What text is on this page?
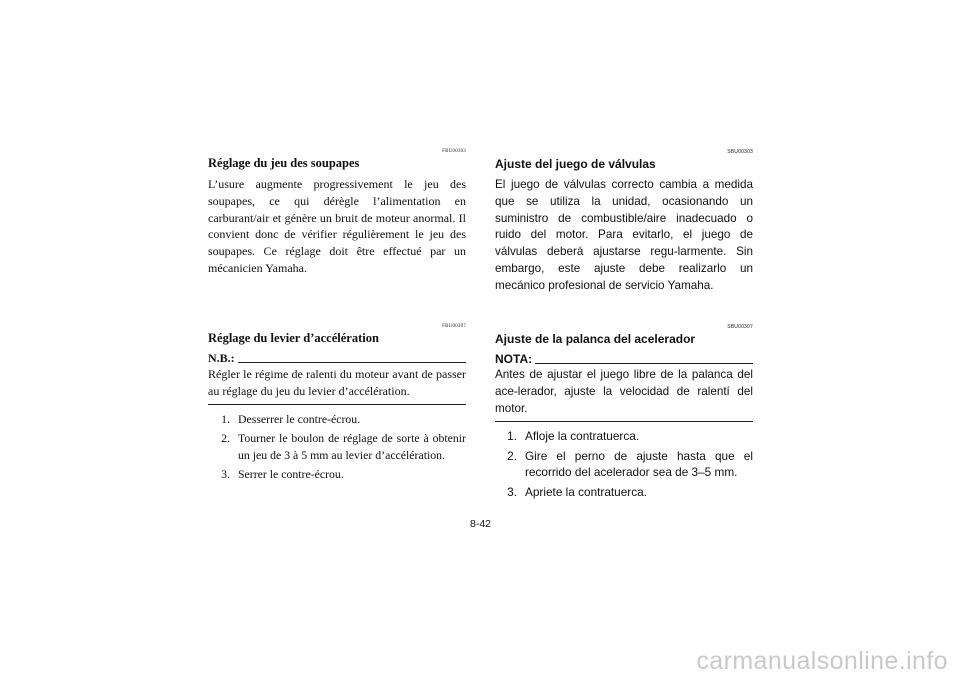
FBU00303
Réglage du jeu des soupapes

L’usure augmente progressivement le jeu des soupapes, ce qui dérègle l’alimentation en carburant/air et génère un bruit de moteur anormal. Il convient donc de vérifier régulièrement le jeu des soupapes. Ce réglage doit être effectué par un mécanicien Yamaha.

FBU00307
Réglage du levier d’accélération
N.B.:

Régler le régime de ralenti du moteur avant de passer au réglage du jeu du levier d’accélération.

1. Desserrer le contre-écrou.
2. Tourner le boulon de réglage de sorte à obtenir un jeu de 3 à 5 mm au levier d’accélération.
3. Serrer le contre-écrou.
SBU00303
Ajuste del juego de válvulas

El juego de válvulas correcto cambia a medida que se utiliza la unidad, ocasionando un suministro de combustible/aire inadecuado o ruido del motor. Para evitarlo, el juego de válvulas deberá ajustarse regu-larmente. Sin embargo, este ajuste debe realizarlo un mecánico profesional de servicio Yamaha.

SBU00307
Ajuste de la palanca del acelerador
NOTA:

Antes de ajustar el juego libre de la palanca del ace-lerador, ajuste la velocidad de ralentí del motor.

1. Afloje la contratuerca.
2. Gire el perno de ajuste hasta que el recorrido del acelerador sea de 3–5 mm.
3. Apriete la contratuerca.
8-42
carmanualsonline.info
